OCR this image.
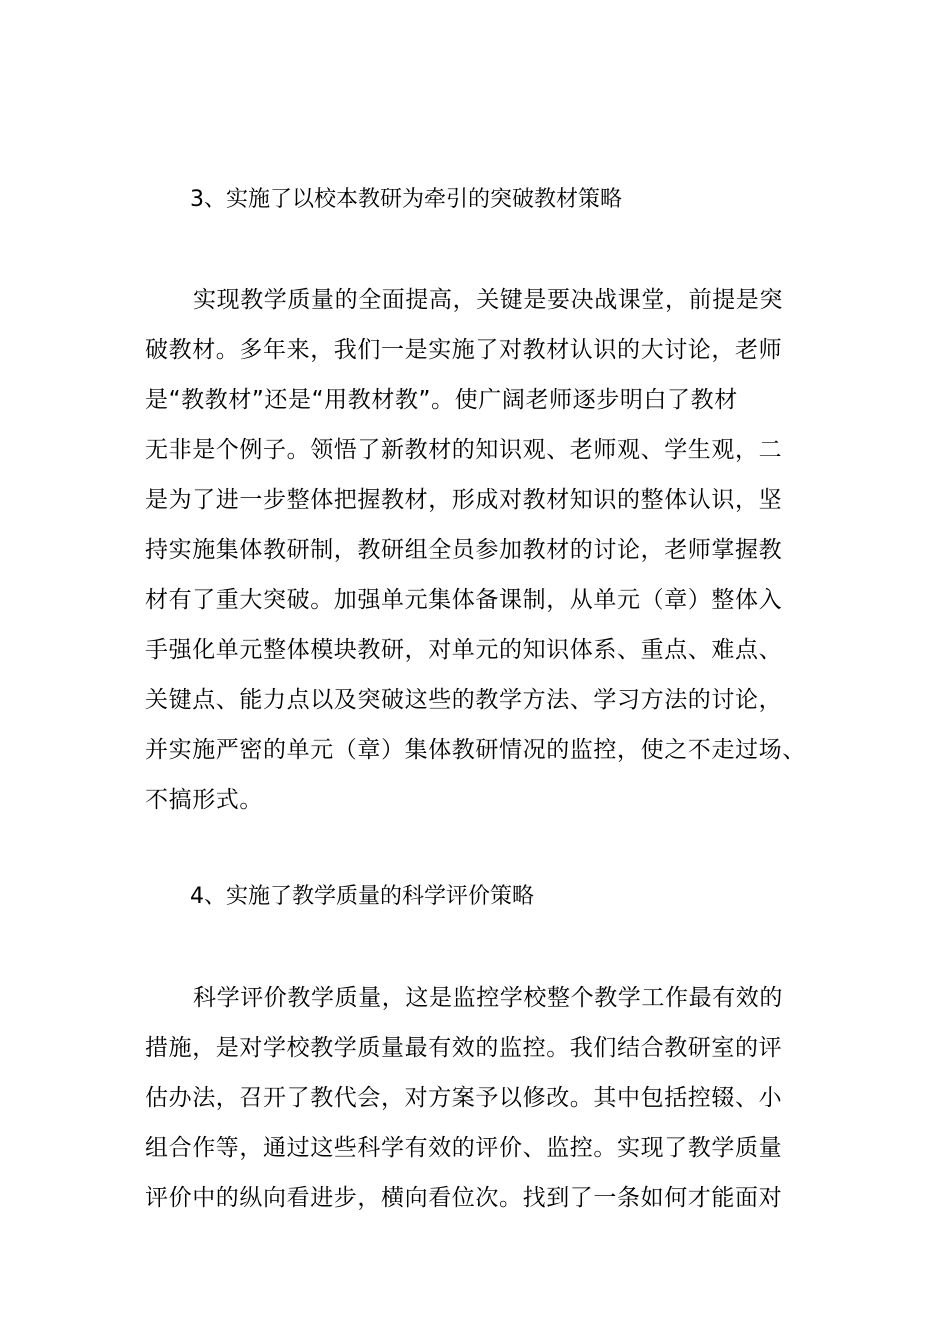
3、实施了以校本教研为牵引的突破教材策略
实现教学质量的全面提高，关键是要决战课堂，前提是突
破教材。多年来，我们一是实施了对教材认识的大讨论，老师
是“教教材”还是“用教材教”。使广阔老师逐步明白了教材
无非是个例子。领悟了新教材的知识观、老师观、学生观，二
是为了进一步整体把握教材，形成对教材知识的整体认识，坚
持实施集体教研制，教研组全员参加教材的讨论，老师掌握教
材有了重大突破。加强单元集体备课制，从单元（章）整体入
手强化单元整体模块教研，对单元的知识体系、重点、难点、
关键点、能力点以及突破这些的教学方法、学习方法的讨论，
并实施严密的单元（章）集体教研情况的监控，使之不走过场、
不搞形式。
4、实施了教学质量的科学评价策略
科学评价教学质量，这是监控学校整个教学工作最有效的
措施，是对学校教学质量最有效的监控。我们结合教研室的评
估办法，召开了教代会，对方案予以修改。其中包括控辍、小
组合作等，通过这些科学有效的评价、监控。实现了教学质量
评价中的纵向看进步，横向看位次。找到了一条如何才能面对
